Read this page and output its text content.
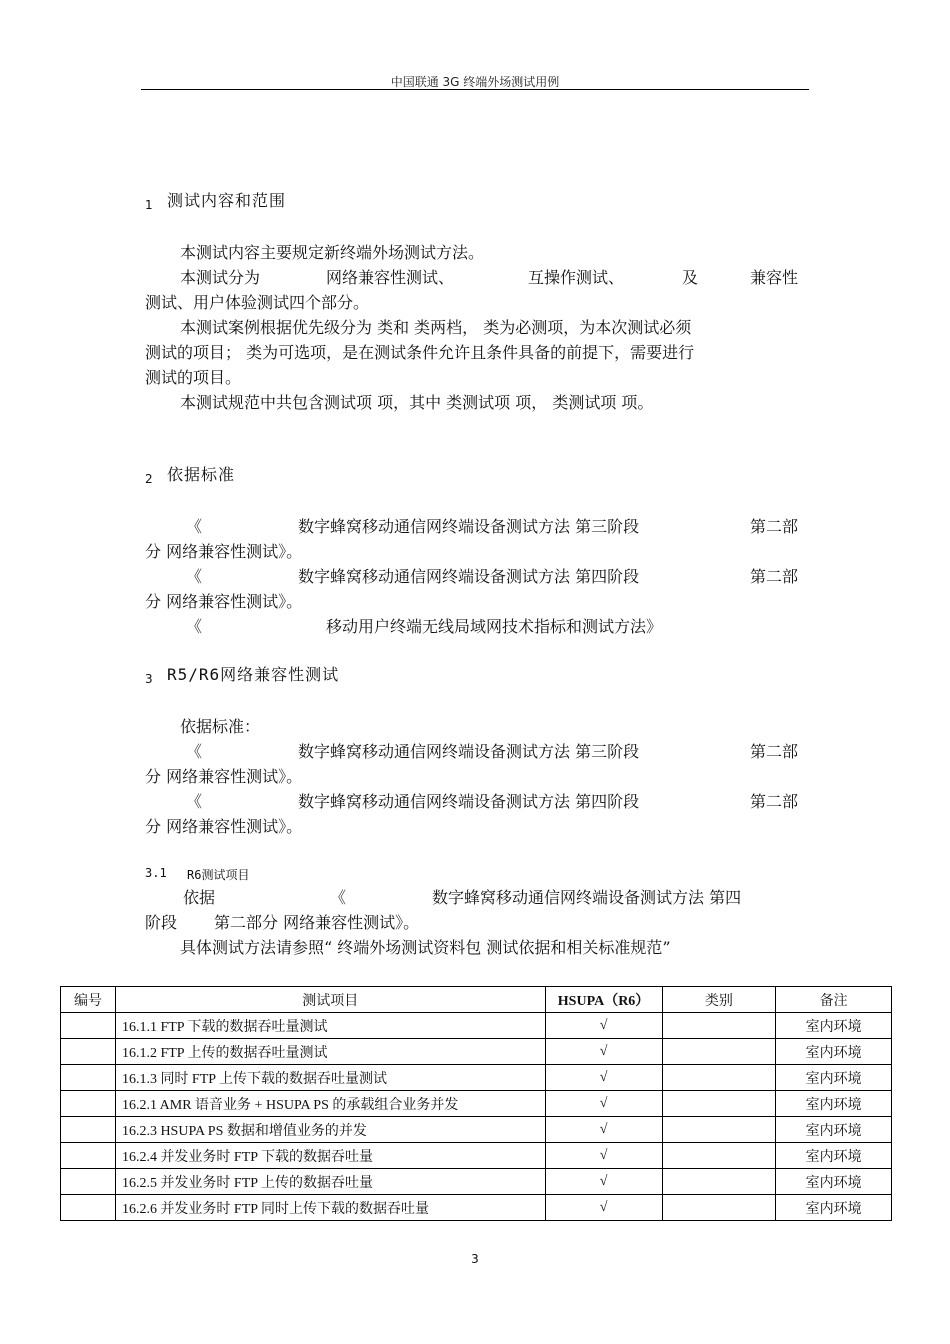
中国联通 3G 终端外场测试用例
1 测试内容和范围
本测试内容主要规定新终端外场测试方法。
本测试分为	网络兼容性测试、	互操作测试、	及	兼容性
测试、用户体验测试四个部分。
本测试案例根据优先级分为 类和 类两档， 类为必测项，为本次测试必须
测试的项目； 类为可选项，是在测试条件允许且条件具备的前提下，需要进行
测试的项目。
本测试规范中共包含测试项 项，其中 类测试项 项， 类测试项 项。
2 依据标准
《	数字蜂窝移动通信网终端设备测试方法 第三阶段	第二部
分 网络兼容性测试》。
《	数字蜂窝移动通信网终端设备测试方法 第四阶段	第二部
分 网络兼容性测试》。
《	移动用户终端无线局域网技术指标和测试方法》
3 R5/R6网络兼容性测试
依据标准：
《	数字蜂窝移动通信网终端设备测试方法 第三阶段	第二部
分 网络兼容性测试》。
《	数字蜂窝移动通信网终端设备测试方法 第四阶段	第二部
分 网络兼容性测试》。
3.1 R6测试项目
依据	《	数字蜂窝移动通信网终端设备测试方法 第四
阶段 第二部分 网络兼容性测试》。
具体测试方法请参照“ 终端外场测试资料包 测试依据和相关标准规范”
编号	测试项目	HSUPA（R6）	类别	备注
	16.1.1 FTP 下载的数据吞吐量测试	√		室内环境
	16.1.2 FTP 上传的数据吞吐量测试	√		室内环境
	16.1.3 同时 FTP 上传下载的数据吞吐量测试	√		室内环境
	16.2.1 AMR 语音业务 + HSUPA PS 的承载组合业务并发	√		室内环境
	16.2.3 HSUPA PS 数据和增值业务的并发	√		室内环境
	16.2.4 并发业务时 FTP 下载的数据吞吐量	√		室内环境
	16.2.5 并发业务时 FTP 上传的数据吞吐量	√		室内环境
	16.2.6 并发业务时 FTP 同时上传下载的数据吞吐量	√		室内环境
3
